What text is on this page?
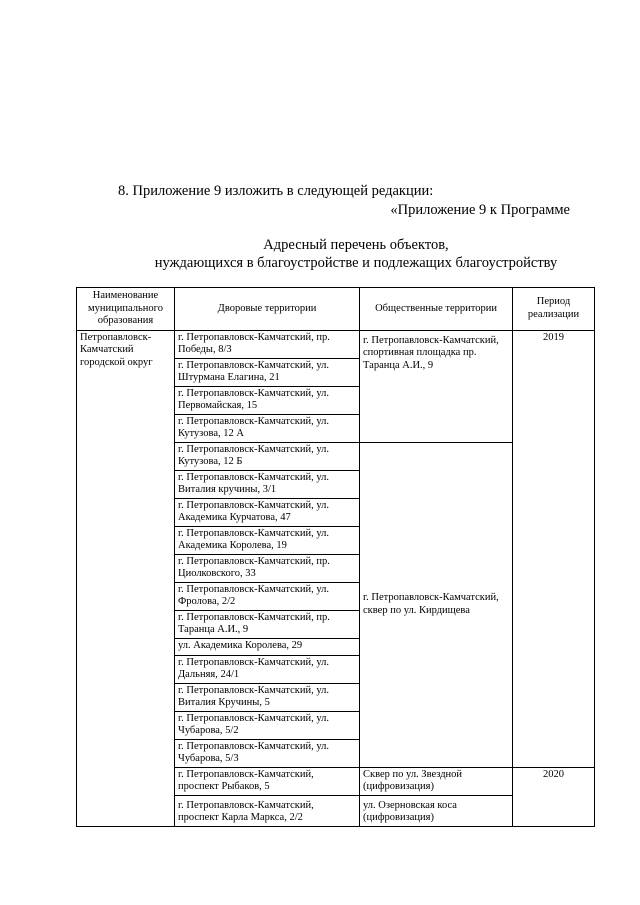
8. Приложение 9 изложить в следующей редакции:
«Приложение 9 к Программе
Адресный перечень объектов,
нуждающихся в благоустройстве и подлежащих благоустройству
Наименование муниципального образования	Дворовые территории	Общественные территории	Период реализации
Петропавловск-Камчатский городской округ	г. Петропавловск-Камчатский, пр. Победы, 8/3	г. Петропавловск-Камчатский, спортивная площадка пр. Таранца А.И., 9	2019
	г. Петропавловск-Камчатский, ул. Штурмана Елагина, 21		
	г. Петропавловск-Камчатский, ул. Первомайская, 15		
	г. Петропавловск-Камчатский, ул. Кутузова, 12 А		
	г. Петропавловск-Камчатский, ул. Кутузова, 12 Б	г. Петропавловск-Камчатский, сквер по ул. Кирдищева	
	г. Петропавловск-Камчатский, ул. Виталия кручины, 3/1		
	г. Петропавловск-Камчатский, ул. Академика Курчатова, 47		
	г. Петропавловск-Камчатский, ул. Академика Королева, 19		
	г. Петропавловск-Камчатский, пр. Циолковского, 33		
	г. Петропавловск-Камчатский, ул. Фролова, 2/2		
	г. Петропавловск-Камчатский, пр. Таранца А.И., 9		
	ул. Академика Королева, 29		
	г. Петропавловск-Камчатский, ул. Дальняя, 24/1		
	г. Петропавловск-Камчатский, ул. Виталия Кручины, 5		
	г. Петропавловск-Камчатский, ул. Чубарова, 5/2		
	г. Петропавловск-Камчатский, ул. Чубарова, 5/3		
	г. Петропавловск-Камчатский, проспект Рыбаков, 5	Сквер по ул. Звездной (цифровизация)	2020
	г. Петропавловск-Камчатский, проспект Карла Маркса, 2/2	ул. Озерновская коса (цифровизация)	
